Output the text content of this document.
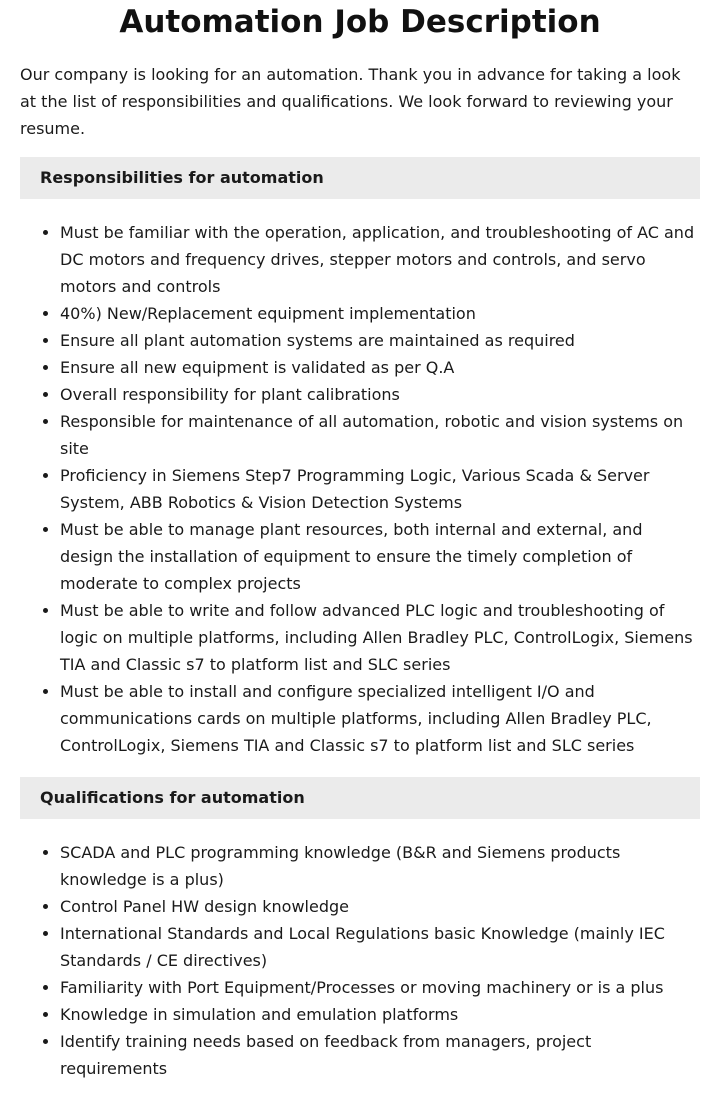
Automation Job Description

Our company is looking for an automation. Thank you in advance for taking a look at the list of responsibilities and qualifications. We look forward to reviewing your resume.

Responsibilities for automation
• Must be familiar with the operation, application, and troubleshooting of AC and DC motors and frequency drives, stepper motors and controls, and servo motors and controls
• 40%) New/Replacement equipment implementation
• Ensure all plant automation systems are maintained as required
• Ensure all new equipment is validated as per Q.A
• Overall responsibility for plant calibrations
• Responsible for maintenance of all automation, robotic and vision systems on site
• Proficiency in Siemens Step7 Programming Logic, Various Scada & Server System, ABB Robotics & Vision Detection Systems
• Must be able to manage plant resources, both internal and external, and design the installation of equipment to ensure the timely completion of moderate to complex projects
• Must be able to write and follow advanced PLC logic and troubleshooting of logic on multiple platforms, including Allen Bradley PLC, ControlLogix, Siemens TIA and Classic s7 to platform list and SLC series
• Must be able to install and configure specialized intelligent I/O and communications cards on multiple platforms, including Allen Bradley PLC, ControlLogix, Siemens TIA and Classic s7 to platform list and SLC series
Qualifications for automation
• SCADA and PLC programming knowledge (B&R and Siemens products knowledge is a plus)
• Control Panel HW design knowledge
• International Standards and Local Regulations basic Knowledge (mainly IEC Standards / CE directives)
• Familiarity with Port Equipment/Processes or moving machinery or is a plus
• Knowledge in simulation and emulation platforms
• Identify training needs based on feedback from managers, project requirements
